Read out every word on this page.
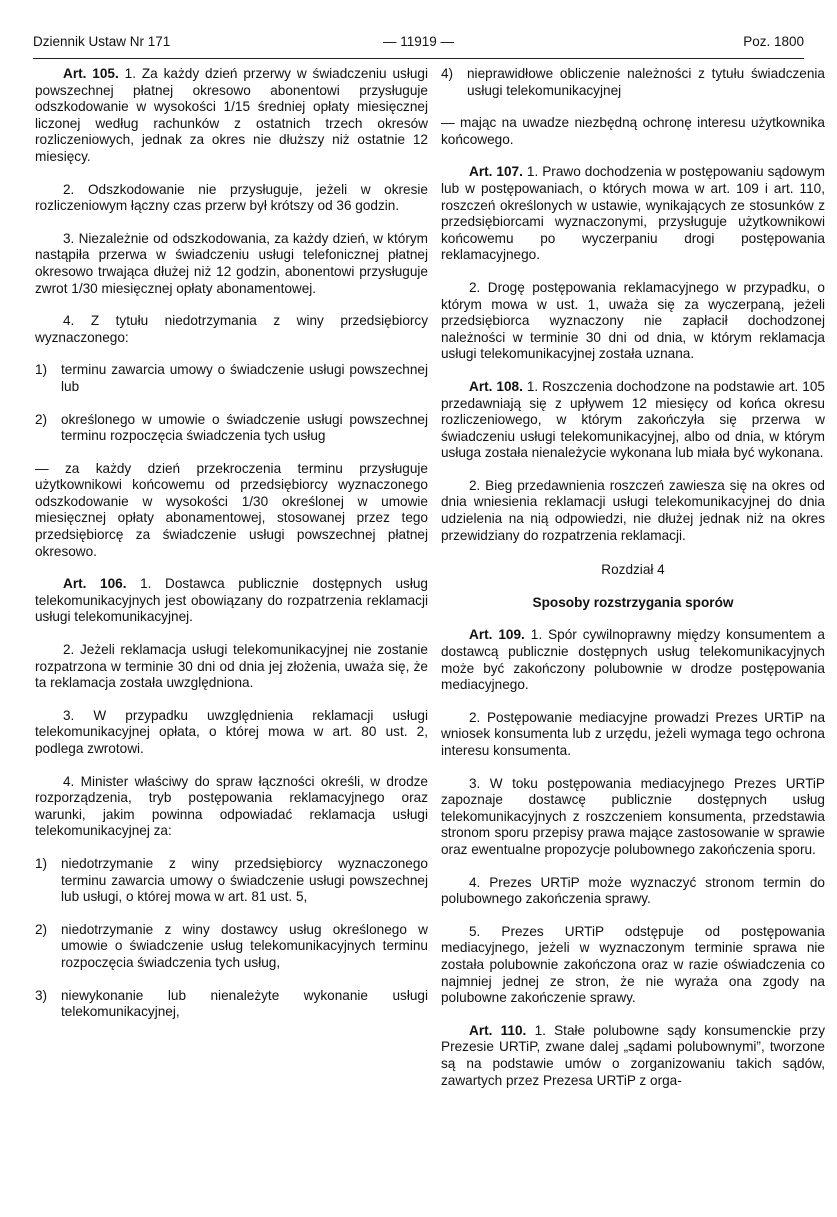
Dziennik Ustaw Nr 171	— 11919 —	Poz. 1800

Art. 105. 1. Za każdy dzień przerwy w świadczeniu usługi powszechnej płatnej okresowo abonentowi przysługuje odszkodowanie w wysokości 1/15 średniej opłaty miesięcznej liczonej według rachunków z ostatnich trzech okresów rozliczeniowych, jednak za okres nie dłuższy niż ostatnie 12 miesięcy.

2. Odszkodowanie nie przysługuje, jeżeli w okresie rozliczeniowym łączny czas przerw był krótszy od 36 godzin.

3. Niezależnie od odszkodowania, za każdy dzień, w którym nastąpiła przerwa w świadczeniu usługi telefonicznej płatnej okresowo trwająca dłużej niż 12 godzin, abonentowi przysługuje zwrot 1/30 miesięcznej opłaty abonamentowej.

4. Z tytułu niedotrzymania z winy przedsiębiorcy wyznaczonego:

1)	terminu zawarcia umowy o świadczenie usługi powszechnej lub
2)	określonego w umowie o świadczenie usługi powszechnej terminu rozpoczęcia świadczenia tych usług

— za każdy dzień przekroczenia terminu przysługuje użytkownikowi końcowemu od przedsiębiorcy wyznaczonego odszkodowanie w wysokości 1/30 określonej w umowie miesięcznej opłaty abonamentowej, stosowanej przez tego przedsiębiorcę za świadczenie usługi powszechnej płatnej okresowo.

Art. 106. 1. Dostawca publicznie dostępnych usług telekomunikacyjnych jest obowiązany do rozpatrzenia reklamacji usługi telekomunikacyjnej.

2. Jeżeli reklamacja usługi telekomunikacyjnej nie zostanie rozpatrzona w terminie 30 dni od dnia jej złożenia, uważa się, że ta reklamacja została uwzględniona.

3. W przypadku uwzględnienia reklamacji usługi telekomunikacyjnej opłata, o której mowa w art. 80 ust. 2, podlega zwrotowi.

4. Minister właściwy do spraw łączności określi, w drodze rozporządzenia, tryb postępowania reklamacyjnego oraz warunki, jakim powinna odpowiadać reklamacja usługi telekomunikacyjnej za:

1)	niedotrzymanie z winy przedsiębiorcy wyznaczonego terminu zawarcia umowy o świadczenie usługi powszechnej lub usługi, o której mowa w art. 81 ust. 5,
2)	niedotrzymanie z winy dostawcy usług określonego w umowie o świadczenie usług telekomunikacyjnych terminu rozpoczęcia świadczenia tych usług,
3)	niewykonanie lub nienależyte wykonanie usługi telekomunikacyjnej,
4)	nieprawidłowe obliczenie należności z tytułu świadczenia usługi telekomunikacyjnej

— mając na uwadze niezbędną ochronę interesu użytkownika końcowego.

Art. 107. 1. Prawo dochodzenia w postępowaniu sądowym lub w postępowaniach, o których mowa w art. 109 i art. 110, roszczeń określonych w ustawie, wynikających ze stosunków z przedsiębiorcami wyznaczonymi, przysługuje użytkownikowi końcowemu po wyczerpaniu drogi postępowania reklamacyjnego.

2. Drogę postępowania reklamacyjnego w przypadku, o którym mowa w ust. 1, uważa się za wyczerpaną, jeżeli przedsiębiorca wyznaczony nie zapłacił dochodzonej należności w terminie 30 dni od dnia, w którym reklamacja usługi telekomunikacyjnej została uznana.

Art. 108. 1. Roszczenia dochodzone na podstawie art. 105 przedawniają się z upływem 12 miesięcy od końca okresu rozliczeniowego, w którym zakończyła się przerwa w świadczeniu usługi telekomunikacyjnej, albo od dnia, w którym usługa została nienależycie wykonana lub miała być wykonana.

2. Bieg przedawnienia roszczeń zawiesza się na okres od dnia wniesienia reklamacji usługi telekomunikacyjnej do dnia udzielenia na nią odpowiedzi, nie dłużej jednak niż na okres przewidziany do rozpatrzenia reklamacji.

Rozdział 4

Sposoby rozstrzygania sporów

Art. 109. 1. Spór cywilnoprawny między konsumentem a dostawcą publicznie dostępnych usług telekomunikacyjnych może być zakończony polubownie w drodze postępowania mediacyjnego.

2. Postępowanie mediacyjne prowadzi Prezes URTiP na wniosek konsumenta lub z urzędu, jeżeli wymaga tego ochrona interesu konsumenta.

3. W toku postępowania mediacyjnego Prezes URTiP zapoznaje dostawcę publicznie dostępnych usług telekomunikacyjnych z roszczeniem konsumenta, przedstawia stronom sporu przepisy prawa mające zastosowanie w sprawie oraz ewentualne propozycje polubownego zakończenia sporu.

4. Prezes URTiP może wyznaczyć stronom termin do polubownego zakończenia sprawy.

5. Prezes URTiP odstępuje od postępowania mediacyjnego, jeżeli w wyznaczonym terminie sprawa nie została polubownie zakończona oraz w razie oświadczenia co najmniej jednej ze stron, że nie wyraża ona zgody na polubowne zakończenie sprawy.

Art. 110. 1. Stałe polubowne sądy konsumenckie przy Prezesie URTiP, zwane dalej „sądami polubownymi”, tworzone są na podstawie umów o zorganizowaniu takich sądów, zawartych przez Prezesa URTiP z orga-
